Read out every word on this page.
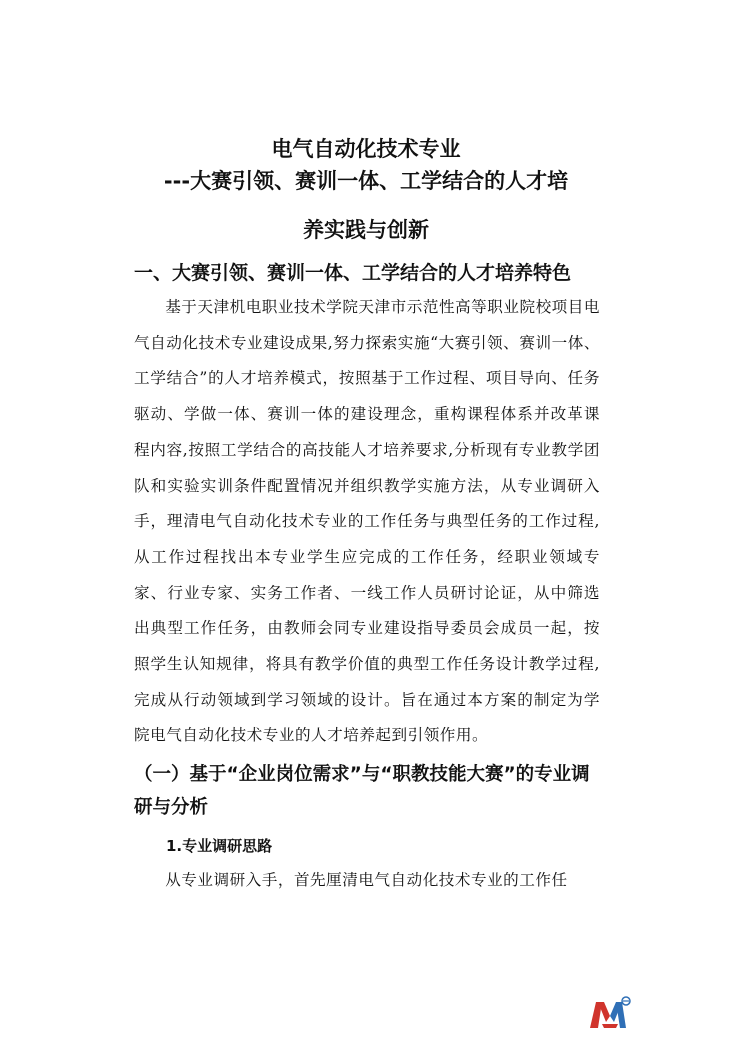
电气自动化技术专业
---大赛引领、赛训一体、工学结合的人才培
养实践与创新
一、大赛引领、赛训一体、工学结合的人才培养特色

基于天津机电职业技术学院天津市示范性高等职业院校项目电气自动化技术专业建设成果,努力探索实施“大赛引领、赛训一体、工学结合”的人才培养模式，按照基于工作过程、项目导向、任务驱动、学做一体、赛训一体的建设理念，重构课程体系并改革课程内容,按照工学结合的高技能人才培养要求,分析现有专业教学团队和实验实训条件配置情况并组织教学实施方法，从专业调研入手，理清电气自动化技术专业的工作任务与典型任务的工作过程,从工作过程找出本专业学生应完成的工作任务，经职业领域专家、行业专家、实务工作者、一线工作人员研讨论证，从中筛选出典型工作任务，由教师会同专业建设指导委员会成员一起，按照学生认知规律，将具有教学价值的典型工作任务设计教学过程,完成从行动领域到学习领域的设计。旨在通过本方案的制定为学院电气自动化技术专业的人才培养起到引领作用。

（一）基于“企业岗位需求”与“职教技能大赛”的专业调研与分析
1.专业调研思路

从专业调研入手，首先厘清电气自动化技术专业的工作任
